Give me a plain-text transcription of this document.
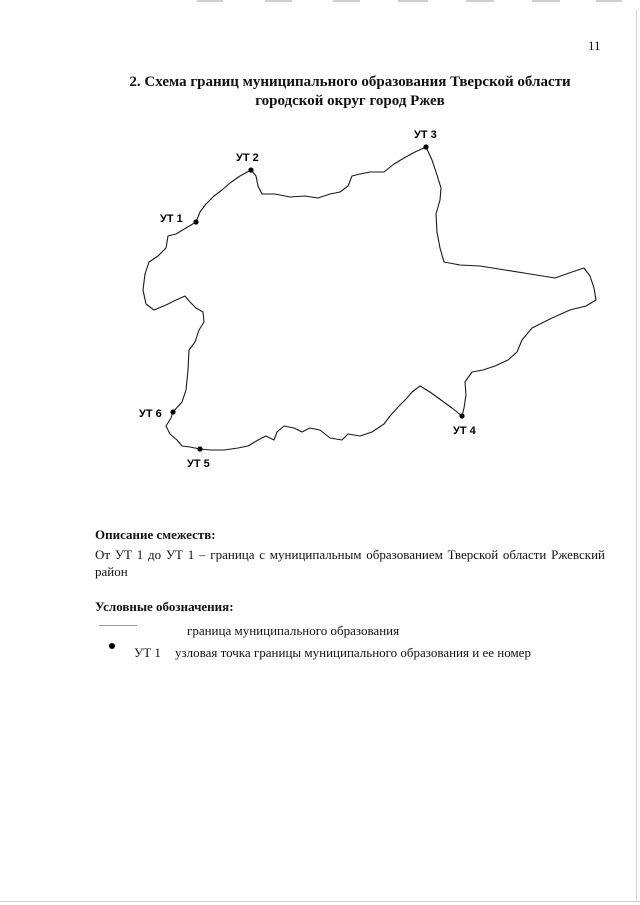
11
2. Схема границ муниципального образования Тверской области
городской округ город Ржев
УТ 1
УТ 2
УТ 3
УТ 4
УТ 5
УТ 6
Описание смежеств:
От УТ 1 до УТ 1 – граница с муниципальным образованием Тверской области Ржевский район
Условные обозначения:
граница муниципального образования
УТ 1 узловая точка границы муниципального образования и ее номер
